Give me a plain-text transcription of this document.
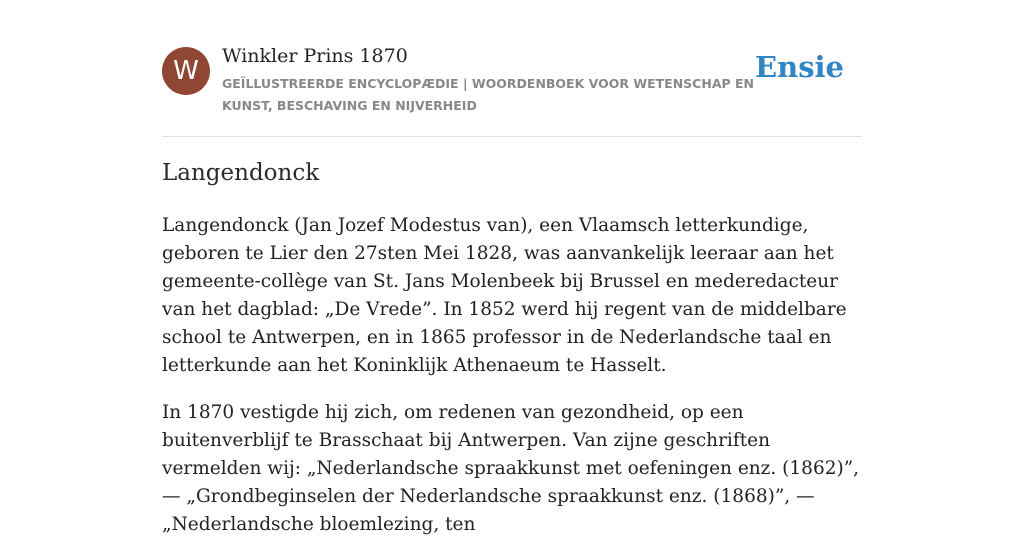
W	Winkler Prins 1870
GEÏLLUSTREERDE ENCYCLOPÆDIE | WOORDENBOEK VOOR WETENSCHAP EN KUNST, BESCHAVING EN NIJVERHEID
Ensie
Langendonck

Langendonck (Jan Jozef Modestus van), een Vlaamsch letterkundige, geboren te Lier den 27sten Mei 1828, was aanvankelijk leeraar aan het gemeente-collège van St. Jans Molenbeek bij Brussel en mederedacteur van het dagblad: „De Vrede”. In 1852 werd hij regent van de middelbare school te Antwerpen, en in 1865 professor in de Nederlandsche taal en letterkunde aan het Koninklijk Athenaeum te Hasselt.

In 1870 vestigde hij zich, om redenen van gezondheid, op een buitenverblijf te Brasschaat bij Antwerpen. Van zijne geschriften vermelden wij: „Nederlandsche spraakkunst met oefeningen enz. (1862)”, — „Grondbeginselen der Nederlandsche spraakkunst enz. (1868)”, — „Nederlandsche bloemlezing, ten
